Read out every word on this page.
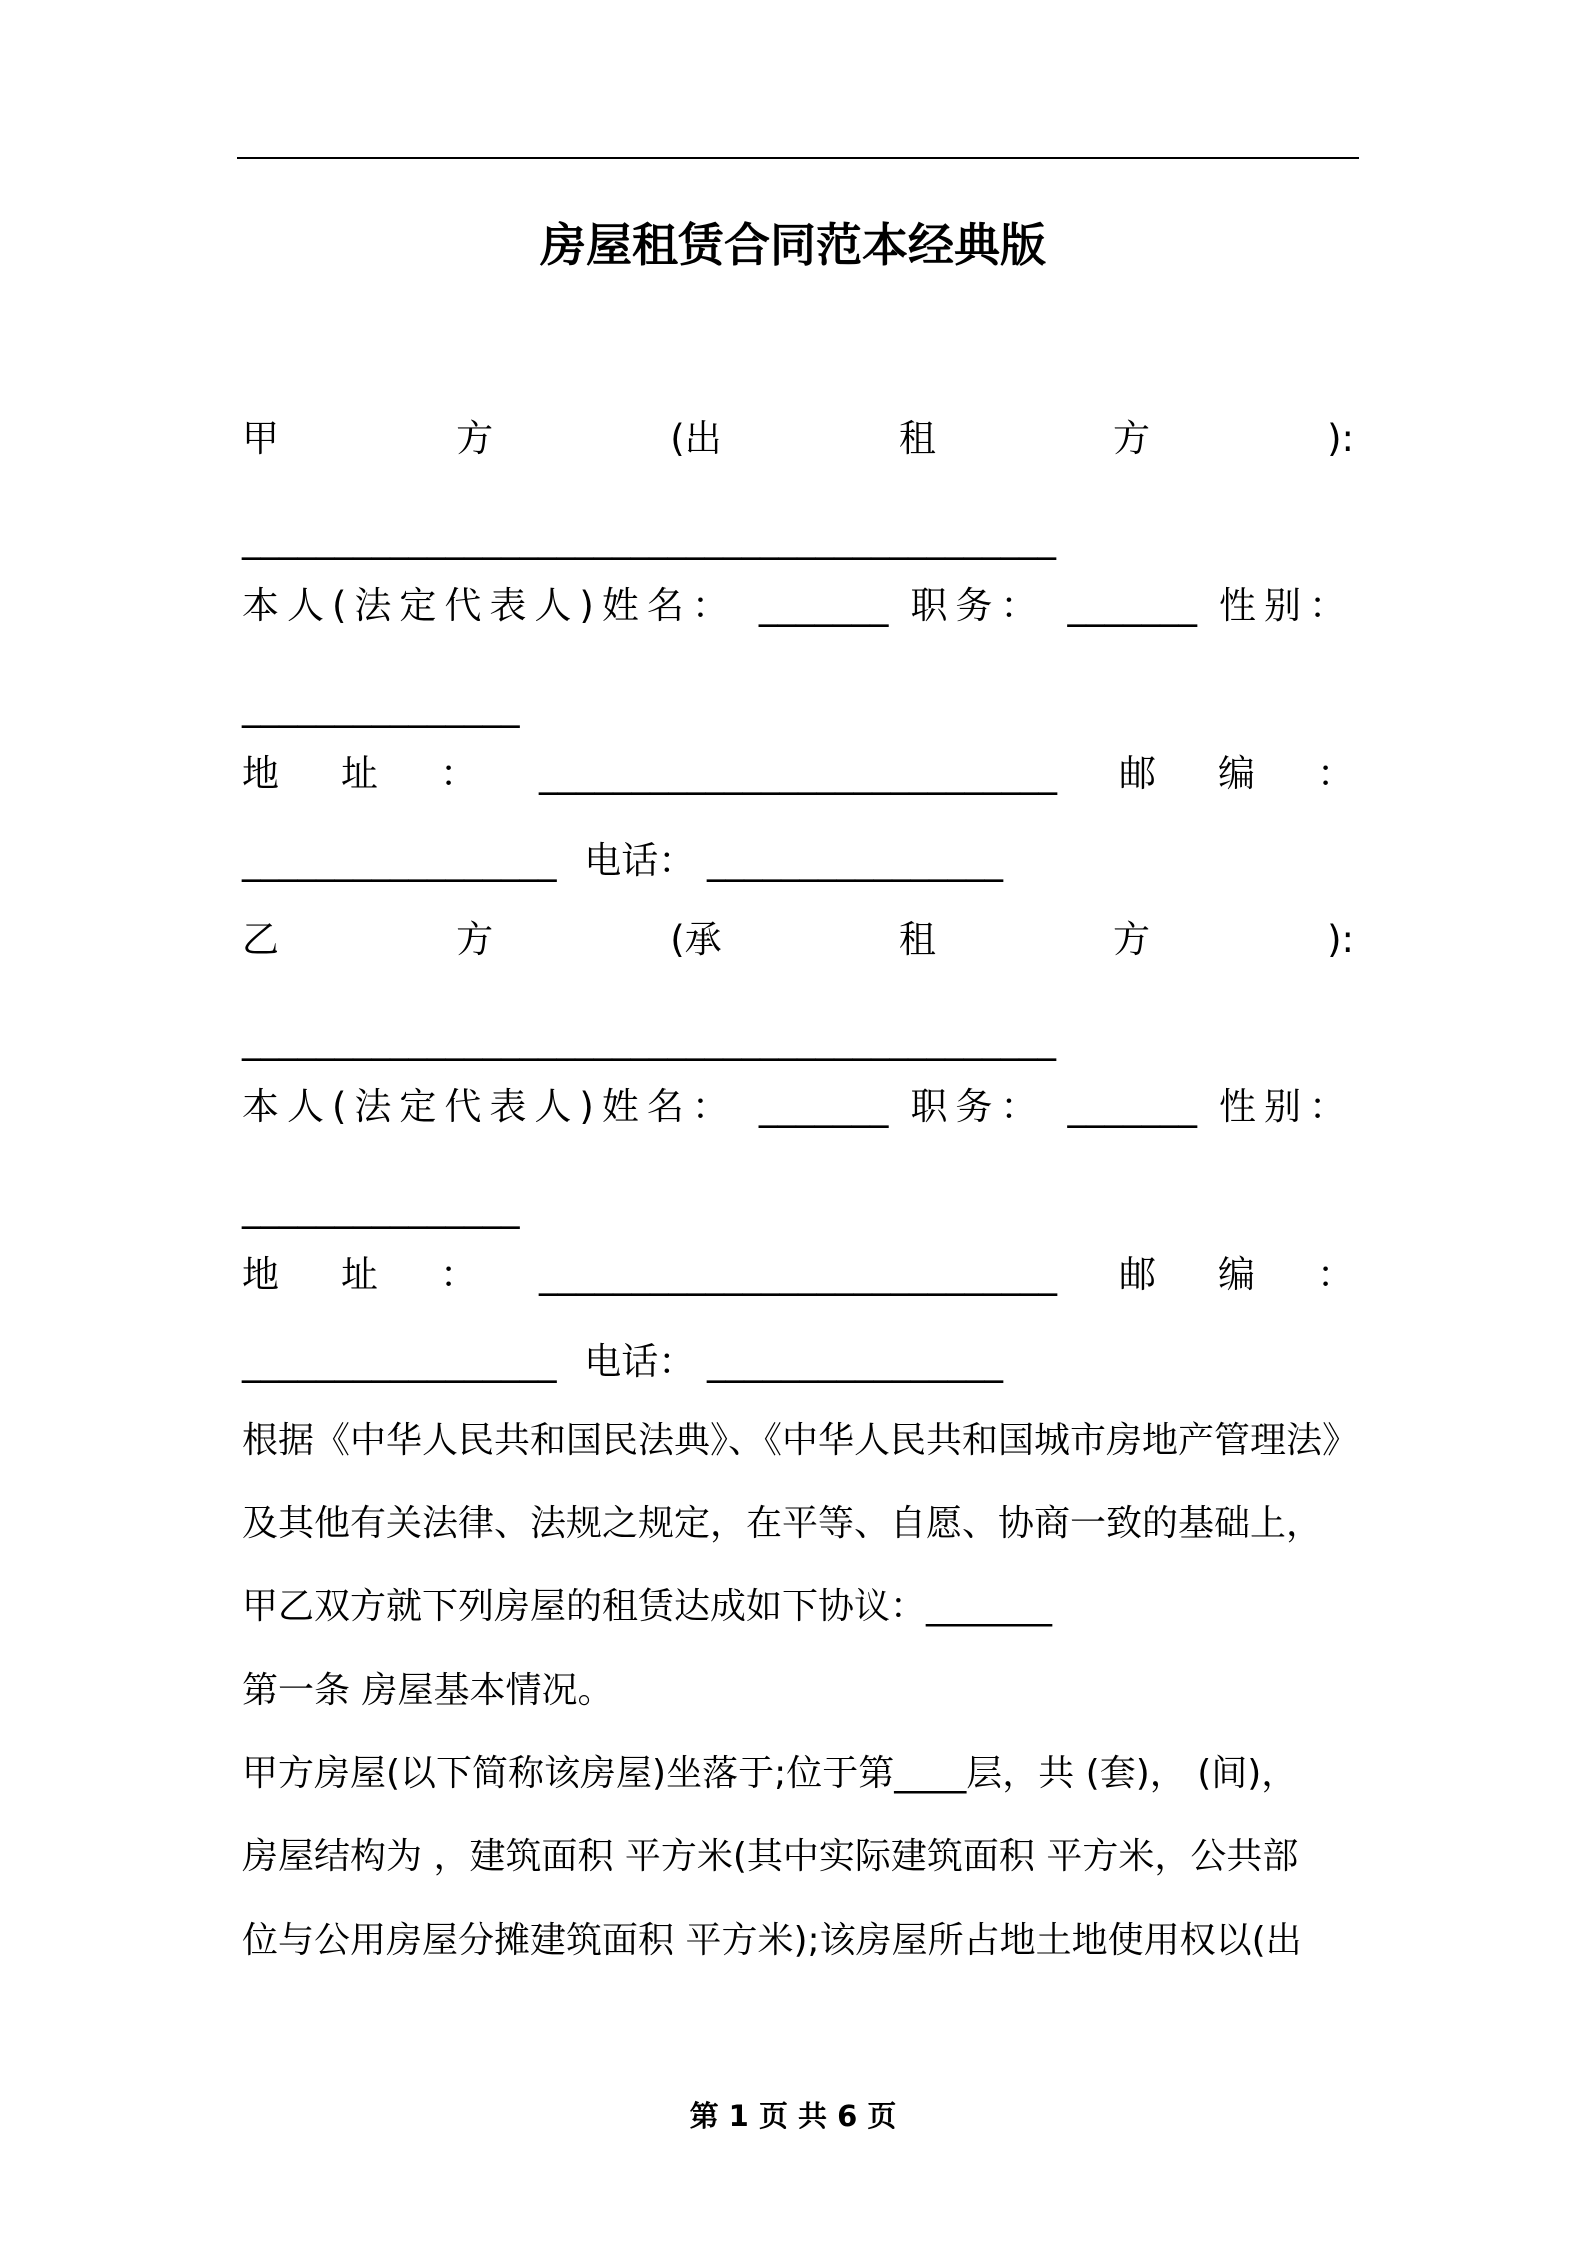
房屋租赁合同范本经典版
甲	方	(出	租	方	):
____________________________________________
本人(法定代表人)姓名： _______ 职务： _______ 性别：
_______________
地 址 ： ____________________________ 邮 编 ：
_________________ 电话： ________________
乙	方	(承	租	方	):
____________________________________________
本人(法定代表人)姓名： _______ 职务： _______ 性别：
_______________
地 址 ： ____________________________ 邮 编 ：
_________________ 电话： ________________
根据《中华人民共和国民法典》、《中华人民共和国城市房地产管理法》
及其他有关法律、法规之规定，在平等、自愿、协商一致的基础上，
甲乙双方就下列房屋的租赁达成如下协议：_______
第一条 房屋基本情况。
甲方房屋(以下简称该房屋)坐落于;位于第____层，共 (套)， (间)，
房屋结构为 ，建筑面积 平方米(其中实际建筑面积 平方米，公共部
位与公用房屋分摊建筑面积 平方米);该房屋所占地土地使用权以(出
第 1 页 共 6 页
